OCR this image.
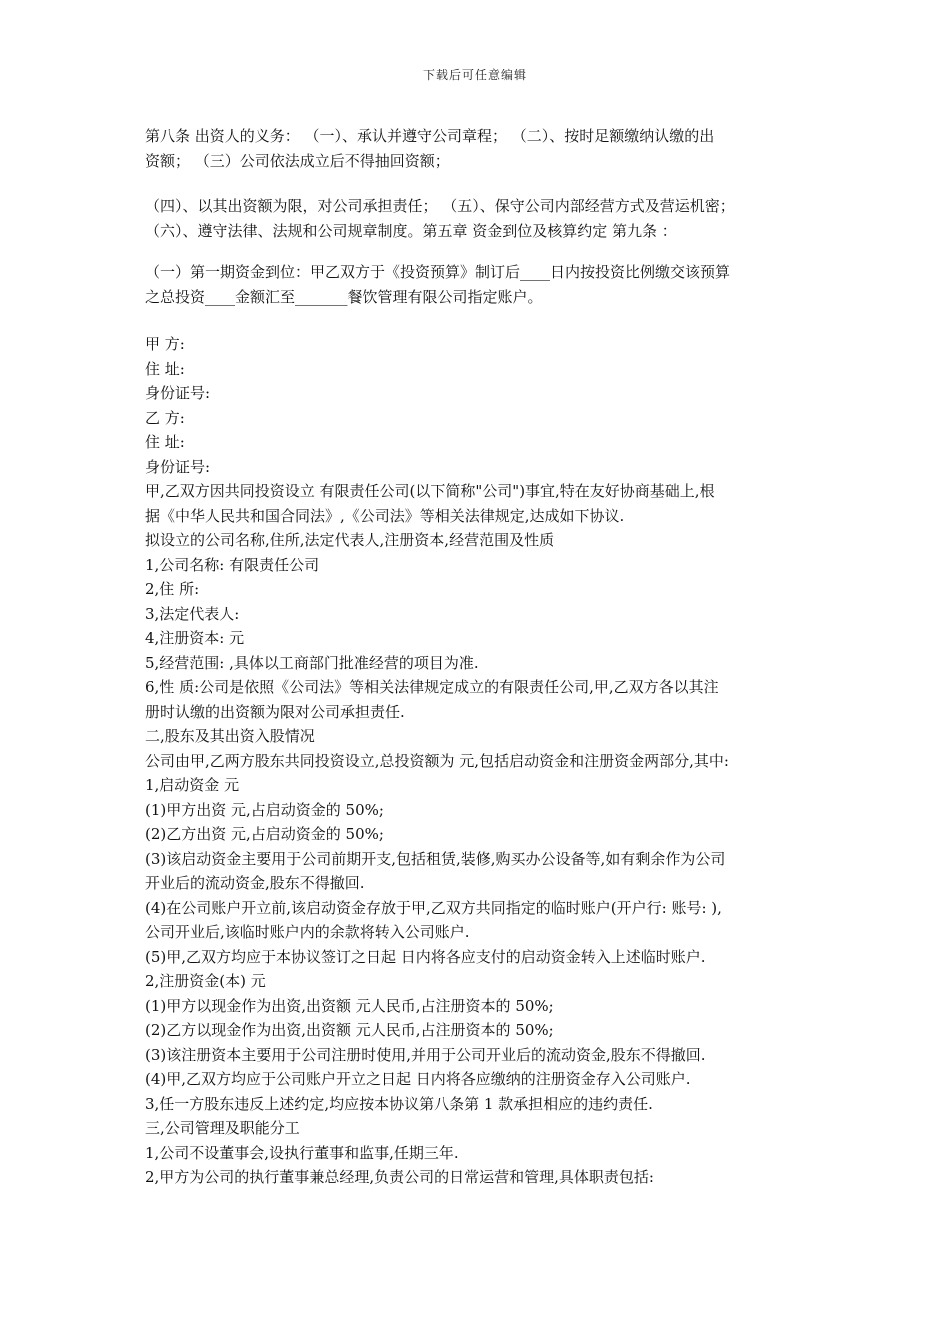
下载后可任意编辑

第八条 出资人的义务： （一）、承认并遵守公司章程； （二）、按时足额缴纳认缴的出

资额； （三）公司依法成立后不得抽回资额；

（四）、以其出资额为限，对公司承担责任； （五）、保守公司内部经营方式及营运机密；

（六）、遵守法律、法规和公司规章制度。第五章 资金到位及核算约定 第九条 ：

（一）第一期资金到位：甲乙双方于《投资预算》制订后____日内按投资比例缴交该预算

之总投资____金额汇至_______餐饮管理有限公司指定账户。

甲 方:

住 址:

身份证号:

乙 方:

住 址:

身份证号:

甲,乙双方因共同投资设立 有限责任公司(以下简称"公司")事宜,特在友好协商基础上,根

据《中华人民共和国合同法》,《公司法》等相关法律规定,达成如下协议.

拟设立的公司名称,住所,法定代表人,注册资本,经营范围及性质

1,公司名称: 有限责任公司

2,住 所:

3,法定代表人:

4,注册资本: 元

5,经营范围: ,具体以工商部门批准经营的项目为准.

6,性 质:公司是依照《公司法》等相关法律规定成立的有限责任公司,甲,乙双方各以其注

册时认缴的出资额为限对公司承担责任.

二,股东及其出资入股情况

公司由甲,乙两方股东共同投资设立,总投资额为 元,包括启动资金和注册资金两部分,其中:

1,启动资金 元

(1)甲方出资 元,占启动资金的 50%;

(2)乙方出资 元,占启动资金的 50%;

(3)该启动资金主要用于公司前期开支,包括租赁,装修,购买办公设备等,如有剩余作为公司

开业后的流动资金,股东不得撤回.

(4)在公司账户开立前,该启动资金存放于甲,乙双方共同指定的临时账户(开户行: 账号: ),

公司开业后,该临时账户内的余款将转入公司账户.

(5)甲,乙双方均应于本协议签订之日起 日内将各应支付的启动资金转入上述临时账户.

2,注册资金(本) 元

(1)甲方以现金作为出资,出资额 元人民币,占注册资本的 50%;

(2)乙方以现金作为出资,出资额 元人民币,占注册资本的 50%;

(3)该注册资本主要用于公司注册时使用,并用于公司开业后的流动资金,股东不得撤回.

(4)甲,乙双方均应于公司账户开立之日起 日内将各应缴纳的注册资金存入公司账户.

3,任一方股东违反上述约定,均应按本协议第八条第 1 款承担相应的违约责任.

三,公司管理及职能分工

1,公司不设董事会,设执行董事和监事,任期三年.

2,甲方为公司的执行董事兼总经理,负责公司的日常运营和管理,具体职责包括:
